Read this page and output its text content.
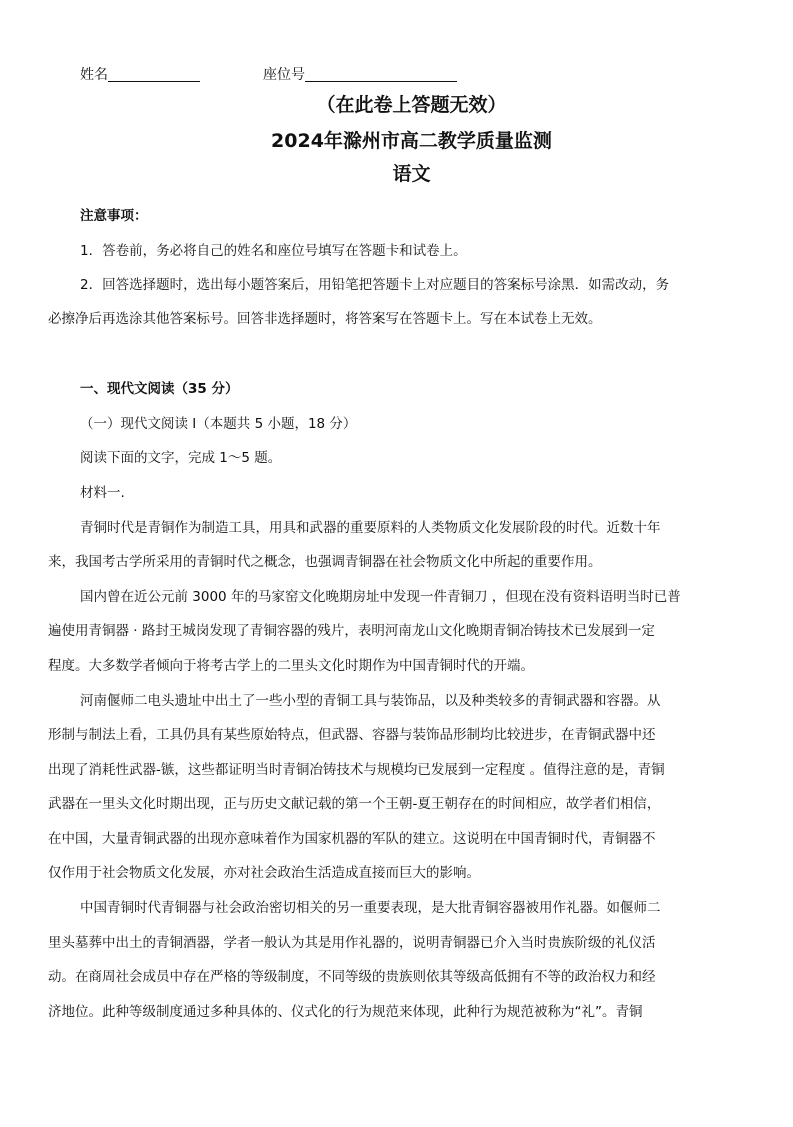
姓名	座位号
（在此卷上答题无效）
2024年滁州市高二教学质量监测
语文
注意事项：
1．答卷前，务必将自己的姓名和座位号填写在答题卡和试卷上。
2．回答选择题时，选出每小题答案后，用铅笔把答题卡上对应题目的答案标号涂黑．如需改动，务
必擦净后再选涂其他答案标号。回答非选择题时，将答案写在答题卡上。写在本试卷上无效。
一、现代文阅读（35 分）
（一）现代文阅读 I（本题共 5 小题，18 分）
阅读下面的文字，完成 1～5 题。
材料一.
青铜时代是青铜作为制造工具，用具和武器的重要原料的人类物质文化发展阶段的时代。近数十年
来，我国考古学所采用的青铜时代之概念，也强调青铜器在社会物质文化中所起的重要作用。
国内曾在近公元前 3000 年的马家窑文化晚期房址中发现一件青铜刀 ，但现在没有资料语明当时已普
遍使用青铜器 · 路封王城岗发现了青铜容器的残片，表明河南龙山文化晚期青铜冶铸技术已发展到一定
程度。大多数学者倾向于将考古学上的二里头文化时期作为中国青铜时代的开端。
河南偃师二电头遗址中出土了一些小型的青铜工具与装饰品，以及种类较多的青铜武器和容器。从
形制与制法上看，工具仍具有某些原始特点，但武器、容器与装饰品形制均比较进步，在青铜武器中还
出现了消耗性武器-镞，这些都证明当时青铜冶铸技术与规模均已发展到一定程度 。值得注意的是，青铜
武器在一里头文化时期出现，正与历史文献记载的第一个王朝-夏王朝存在的时间相应，故学者们相信，
在中国，大量青铜武器的出现亦意味着作为国家机器的军队的建立。这说明在中国青铜时代，青铜器不
仅作用于社会物质文化发展，亦对社会政治生活造成直接而巨大的影响。
中国青铜时代青铜器与社会政治密切相关的另一重要表现，是大批青铜容器被用作礼器。如偃师二
里头墓葬中出土的青铜酒器，学者一般认为其是用作礼器的，说明青铜器已介入当时贵族阶级的礼仪活
动。在商周社会成员中存在严格的等级制度，不同等级的贵族则依其等级高低拥有不等的政治权力和经
济地位。此种等级制度通过多种具体的、仪式化的行为规范来体现，此种行为规范被称为“礼”。青铜
